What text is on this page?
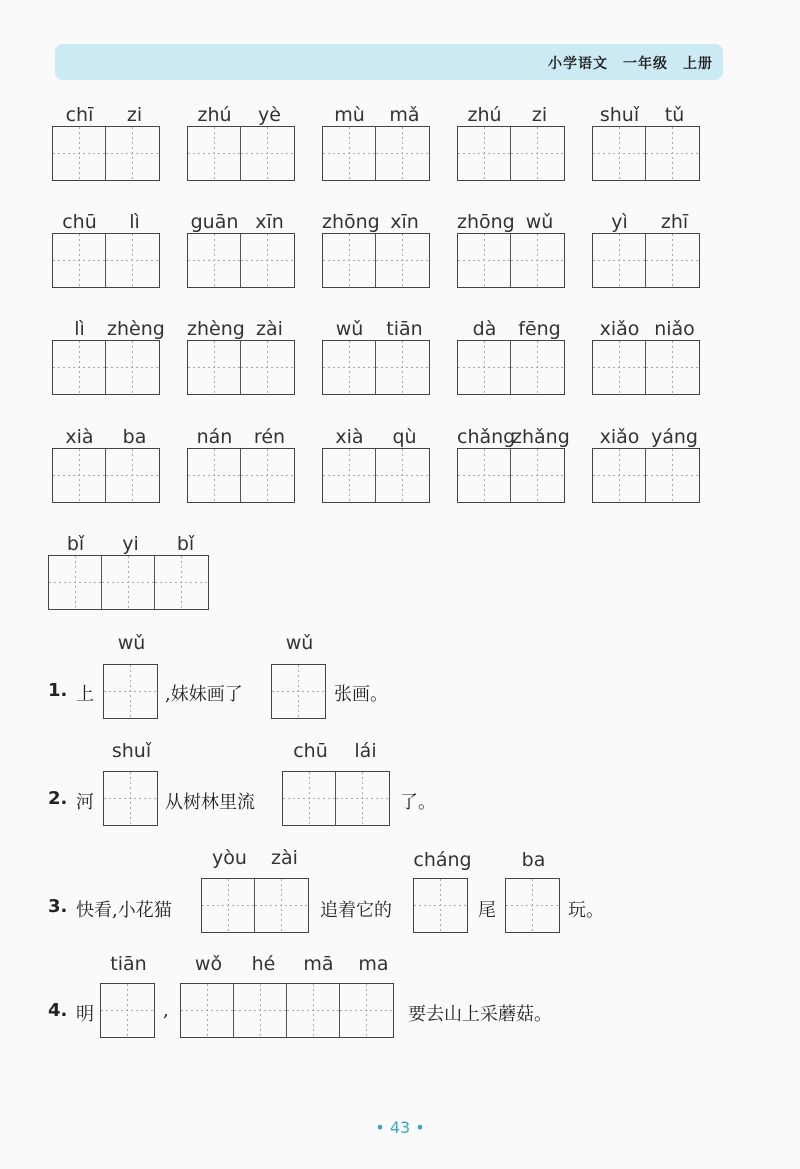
小学语文　一年级　上册
chī	zi	zhú	yè	mù	mǎ	zhú	zi	shuǐ	tǔ
chū	lì	guān xīn	zhōng xīn	zhōng wǔ	yì	zhī
lì	zhèng zhèng zài	wǔ	tiān	dà	fēng	xiǎo niǎo
xià	ba	nán	rén	xià	qù	chǎng
zhǎng	xiǎo yáng
bǐ	yi	bǐ
wǔ	wǔ
1. 上	,妹妹画了	张画。
shuǐ	chū	lái
2. 河	从树林里流	了。
yòu	zài	cháng	ba
3. 快看,小花猫	追着它的	尾	玩。
tiān	wǒ	hé	mā	ma
4. 明	,	要去山上采蘑菇。
• 43 •
